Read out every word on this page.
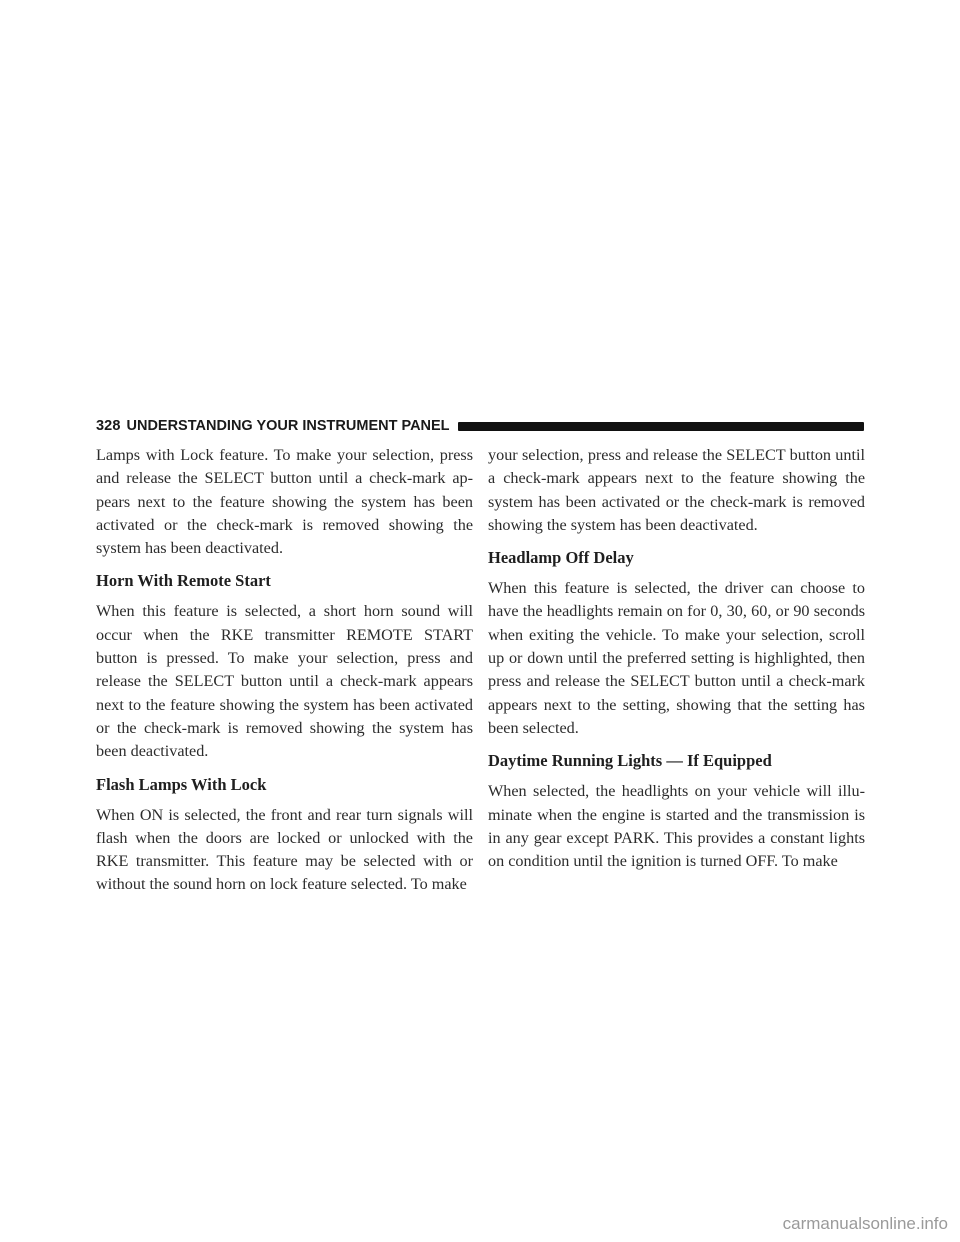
328 UNDERSTANDING YOUR INSTRUMENT PANEL

Lamps with Lock feature. To make your selection, press and release the SELECT button until a check-mark ap-pears next to the feature showing the system has been activated or the check-mark is removed showing the system has been deactivated.

Horn With Remote Start

When this feature is selected, a short horn sound will occur when the RKE transmitter REMOTE START button is pressed. To make your selection, press and release the SELECT button until a check-mark appears next to the feature showing the system has been activated or the check-mark is removed showing the system has been deactivated.

Flash Lamps With Lock

When ON is selected, the front and rear turn signals will flash when the doors are locked or unlocked with the RKE transmitter. This feature may be selected with or without the sound horn on lock feature selected. To make

your selection, press and release the SELECT button until a check-mark appears next to the feature showing the system has been activated or the check-mark is removed showing the system has been deactivated.

Headlamp Off Delay

When this feature is selected, the driver can choose to have the headlights remain on for 0, 30, 60, or 90 seconds when exiting the vehicle. To make your selection, scroll up or down until the preferred setting is highlighted, then press and release the SELECT button until a check-mark appears next to the setting, showing that the setting has been selected.

Daytime Running Lights — If Equipped

When selected, the headlights on your vehicle will illu-minate when the engine is started and the transmission is in any gear except PARK. This provides a constant lights on condition until the ignition is turned OFF. To make

carmanualsonline.info
